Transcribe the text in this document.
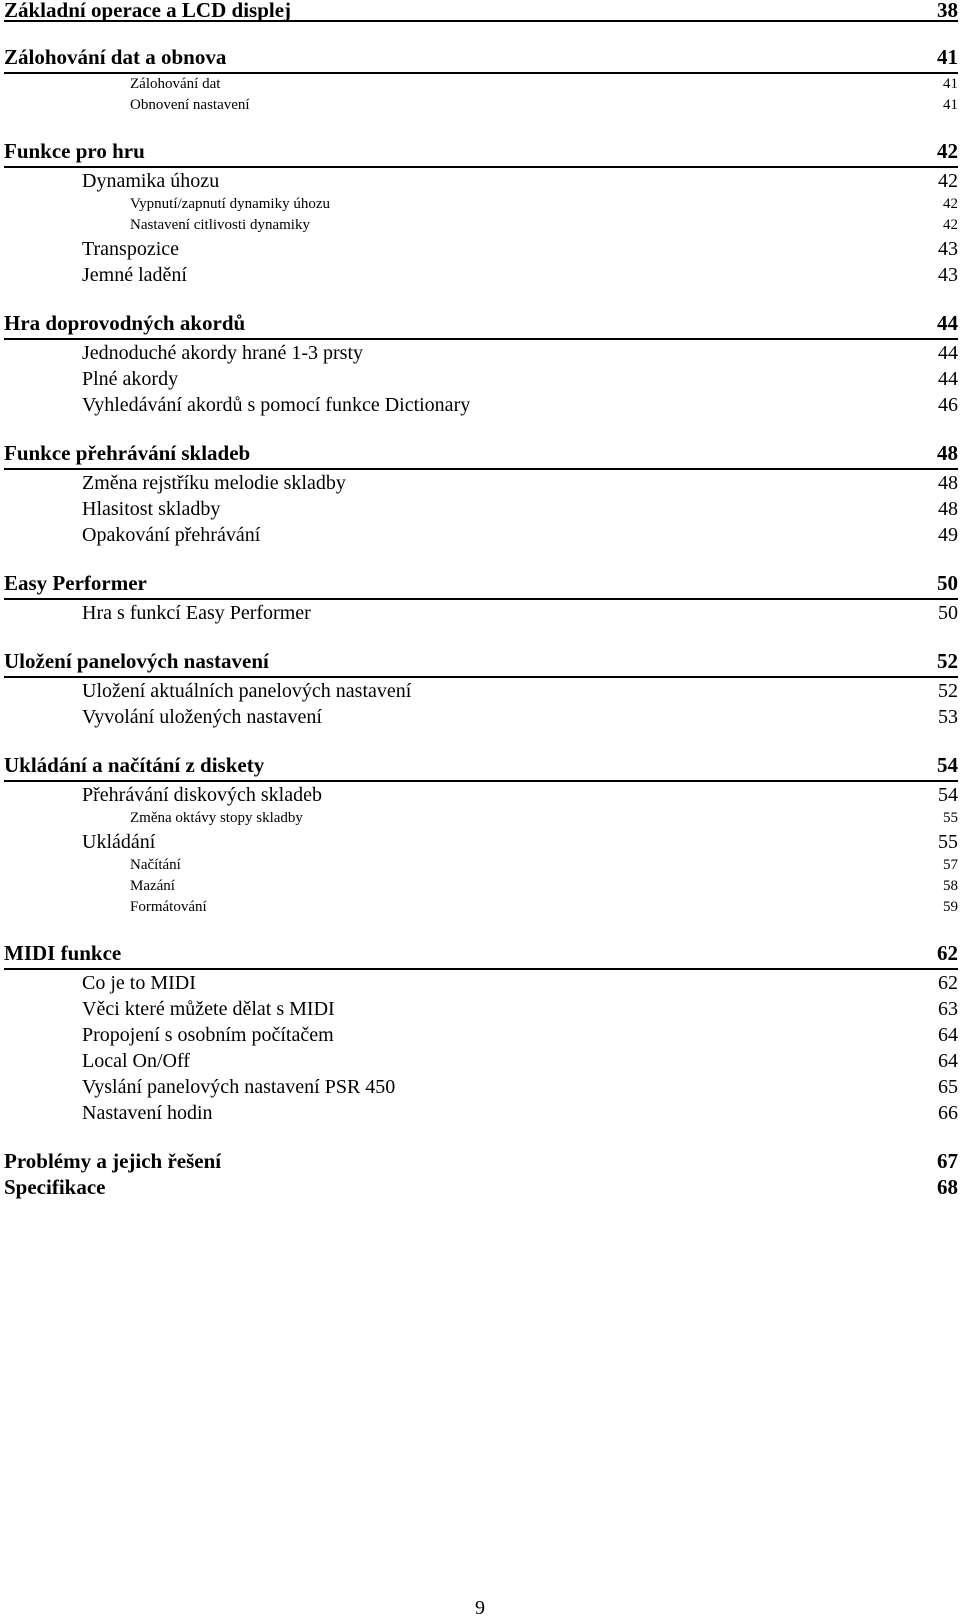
Základní operace a LCD displej	38
Zálohování dat a obnova	41
Zálohování dat	41
Obnovení nastavení	41
Funkce pro hru	42
Dynamika úhozu	42
Vypnutí/zapnutí dynamiky úhozu	42
Nastavení citlivosti dynamiky	42
Transpozice	43
Jemné ladění	43
Hra doprovodných akordů	44
Jednoduché akordy hrané 1-3 prsty	44
Plné akordy	44
Vyhledávání akordů s pomocí funkce Dictionary	46
Funkce přehrávání skladeb	48
Změna rejstříku melodie skladby	48
Hlasitost skladby	48
Opakování přehrávání	49
Easy Performer	50
Hra s funkcí Easy Performer	50
Uložení panelových nastavení	52
Uložení aktuálních panelových nastavení	52
Vyvolání uložených nastavení	53
Ukládání a načítání z diskety	54
Přehrávání diskových skladeb	54
Změna oktávy stopy skladby	55
Ukládání	55
Načítání	57
Mazání	58
Formátování	59
MIDI funkce	62
Co je to MIDI	62
Věci které můžete dělat s MIDI	63
Propojení s osobním počítačem	64
Local On/Off	64
Vyslání panelových nastavení PSR 450	65
Nastavení hodin	66
Problémy a jejich řešení	67
Specifikace	68
9
